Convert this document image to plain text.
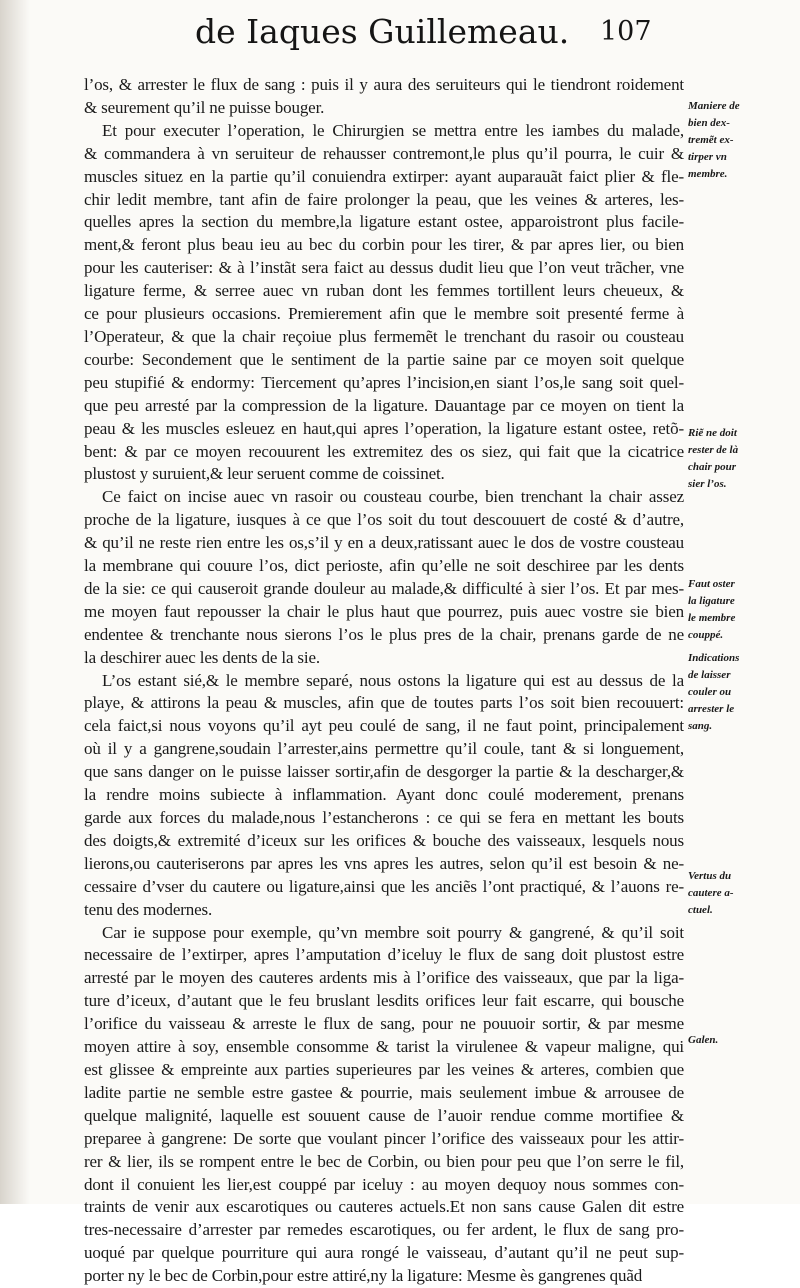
de Iaques Guillemeau. 107
l’os, & arrester le flux de sang : puis il y aura des seruiteurs qui le tiendront roidement
& seurement qu’il ne puisse bouger.
Et pour executer l’operation, le Chirurgien se mettra entre les iambes du malade,
& commandera à vn seruiteur de rehausser contremont,le plus qu’il pourra, le cuir &
muscles situez en la partie qu’il conuiendra extirper: ayant auparauãt faict plier & fle-
chir ledit membre, tant afin de faire prolonger la peau, que les veines & arteres, les-
quelles apres la section du membre,la ligature estant ostee, apparoistront plus facile-
ment,& feront plus beau ieu au bec du corbin pour les tirer, & par apres lier, ou bien
pour les cauteriser: & à l’instãt sera faict au dessus dudit lieu que l’on veut trãcher, vne
ligature ferme, & serree auec vn ruban dont les femmes tortillent leurs cheueux, &
ce pour plusieurs occasions. Premierement afin que le membre soit presenté ferme à
l’Operateur, & que la chair reçoiue plus fermemẽt le trenchant du rasoir ou cousteau
courbe: Secondement que le sentiment de la partie saine par ce moyen soit quelque
peu stupifié & endormy: Tiercement qu’apres l’incision,en siant l’os,le sang soit quel-
que peu arresté par la compression de la ligature. Dauantage par ce moyen on tient la
peau & les muscles esleuez en haut,qui apres l’operation, la ligature estant ostee, retõ-
bent: & par ce moyen recouurent les extremitez des os siez, qui fait que la cicatrice
plustost y suruient,& leur seruent comme de coissinet.
Ce faict on incise auec vn rasoir ou cousteau courbe, bien trenchant la chair assez
proche de la ligature, iusques à ce que l’os soit du tout descouuert de costé & d’autre,
& qu’il ne reste rien entre les os,s’il y en a deux,ratissant auec le dos de vostre cousteau
la membrane qui couure l’os, dict perioste, afin qu’elle ne soit deschiree par les dents
de la sie: ce qui causeroit grande douleur au malade,& difficulté à sier l’os. Et par mes-
me moyen faut repousser la chair le plus haut que pourrez, puis auec vostre sie bien
endentee & trenchante nous sierons l’os le plus pres de la chair, prenans garde de ne
la deschirer auec les dents de la sie.
L’os estant sié,& le membre separé, nous ostons la ligature qui est au dessus de la
playe, & attirons la peau & muscles, afin que de toutes parts l’os soit bien recouuert:
cela faict,si nous voyons qu’il ayt peu coulé de sang, il ne faut point, principalement
où il y a gangrene,soudain l’arrester,ains permettre qu’il coule, tant & si longuement,
que sans danger on le puisse laisser sortir,afin de desgorger la partie & la descharger,&
la rendre moins subiecte à inflammation. Ayant donc coulé moderement, prenans
garde aux forces du malade,nous l’estancherons : ce qui se fera en mettant les bouts
des doigts,& extremité d’iceux sur les orifices & bouche des vaisseaux, lesquels nous
lierons,ou cauteriserons par apres les vns apres les autres, selon qu’il est besoin & ne-
cessaire d’vser du cautere ou ligature,ainsi que les anciẽs l’ont practiqué, & l’auons re-
tenu des modernes.
Car ie suppose pour exemple, qu’vn membre soit pourry & gangrené, & qu’il soit
necessaire de l’extirper, apres l’amputation d’iceluy le flux de sang doit plustost estre
arresté par le moyen des cauteres ardents mis à l’orifice des vaisseaux, que par la liga-
ture d’iceux, d’autant que le feu bruslant lesdits orifices leur fait escarre, qui bousche
l’orifice du vaisseau & arreste le flux de sang, pour ne pouuoir sortir, & par mesme
moyen attire à soy, ensemble consomme & tarist la virulenee & vapeur maligne, qui
est glissee & empreinte aux parties superieures par les veines & arteres, combien que
ladite partie ne semble estre gastee & pourrie, mais seulement imbue & arrousee de
quelque malignité, laquelle est souuent cause de l’auoir rendue comme mortifiee &
preparee à gangrene: De sorte que voulant pincer l’orifice des vaisseaux pour les attir-
rer & lier, ils se rompent entre le bec de Corbin, ou bien pour peu que l’on serre le fil,
dont il conuient les lier,est couppé par iceluy : au moyen dequoy nous sommes con-
traints de venir aux escarotiques ou cauteres actuels.Et non sans cause Galen dit estre
tres-necessaire d’arrester par remedes escarotiques, ou fer ardent, le flux de sang pro-
uoqué par quelque pourriture qui aura rongé le vaisseau, d’autant qu’il ne peut sup-
porter ny le bec de Corbin,pour estre attiré,ny la ligature: Mesme ès gangrenes quãd
Maniere de
bien dex-
tremẽt ex-
tirper vn
membre.
Riẽ ne doit
rester de là
chair pour
sier l’os.
Faut oster
la ligature
le membre
couppé.
Indications
de laisser
couler ou
arrester le
sang.
Vertus du
cautere a-
ctuel.
Galen.
